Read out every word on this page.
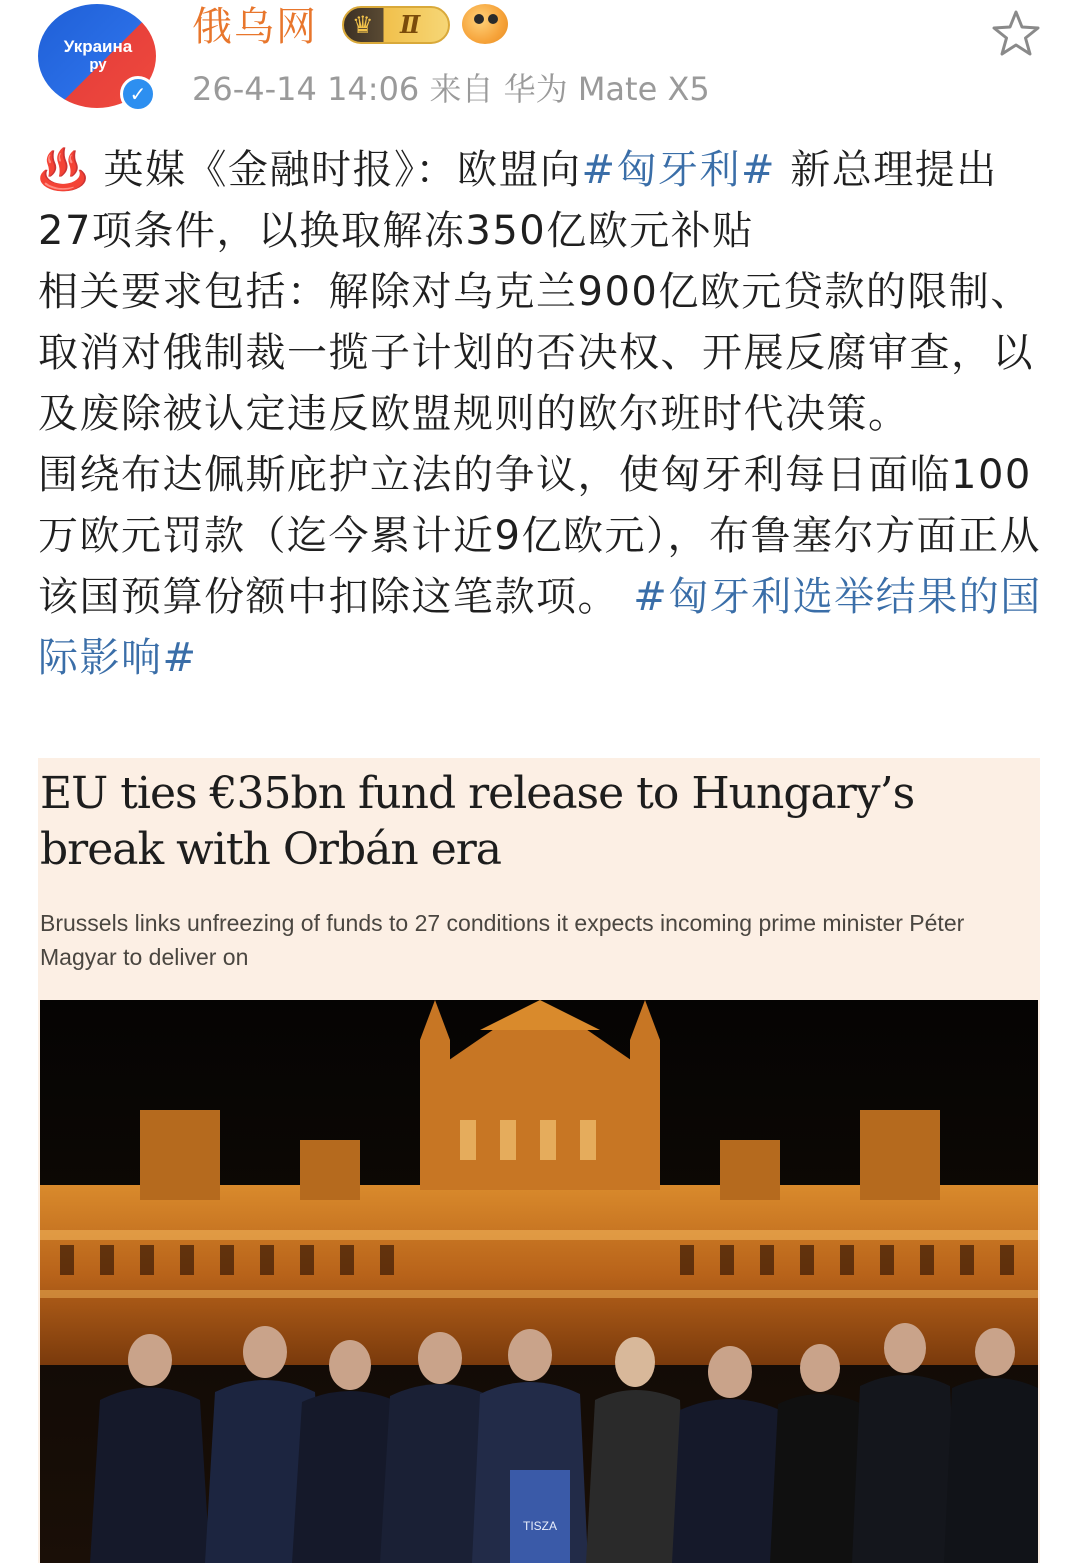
Украина
ру
✓
俄乌网 ♛ Ⅱ
26-4-14 14:06 来自 华为 Mate X5
♨️ 英媒《金融时报》：欧盟向#匈牙利# 新总理提出27项条件，以换取解冻350亿欧元补贴
相关要求包括：解除对乌克兰900亿欧元贷款的限制、取消对俄制裁一揽子计划的否决权、开展反腐审查，以及废除被认定违反欧盟规则的欧尔班时代决策。
围绕布达佩斯庇护立法的争议，使匈牙利每日面临100万欧元罚款（迄今累计近9亿欧元），布鲁塞尔方面正从该国预算份额中扣除这笔款项。 #匈牙利选举结果的国际影响#
EU ties €35bn fund release to Hungary’s break with Orbán era
Brussels links unfreezing of funds to 27 conditions it expects incoming prime minister Péter Magyar to deliver on
TISZA
